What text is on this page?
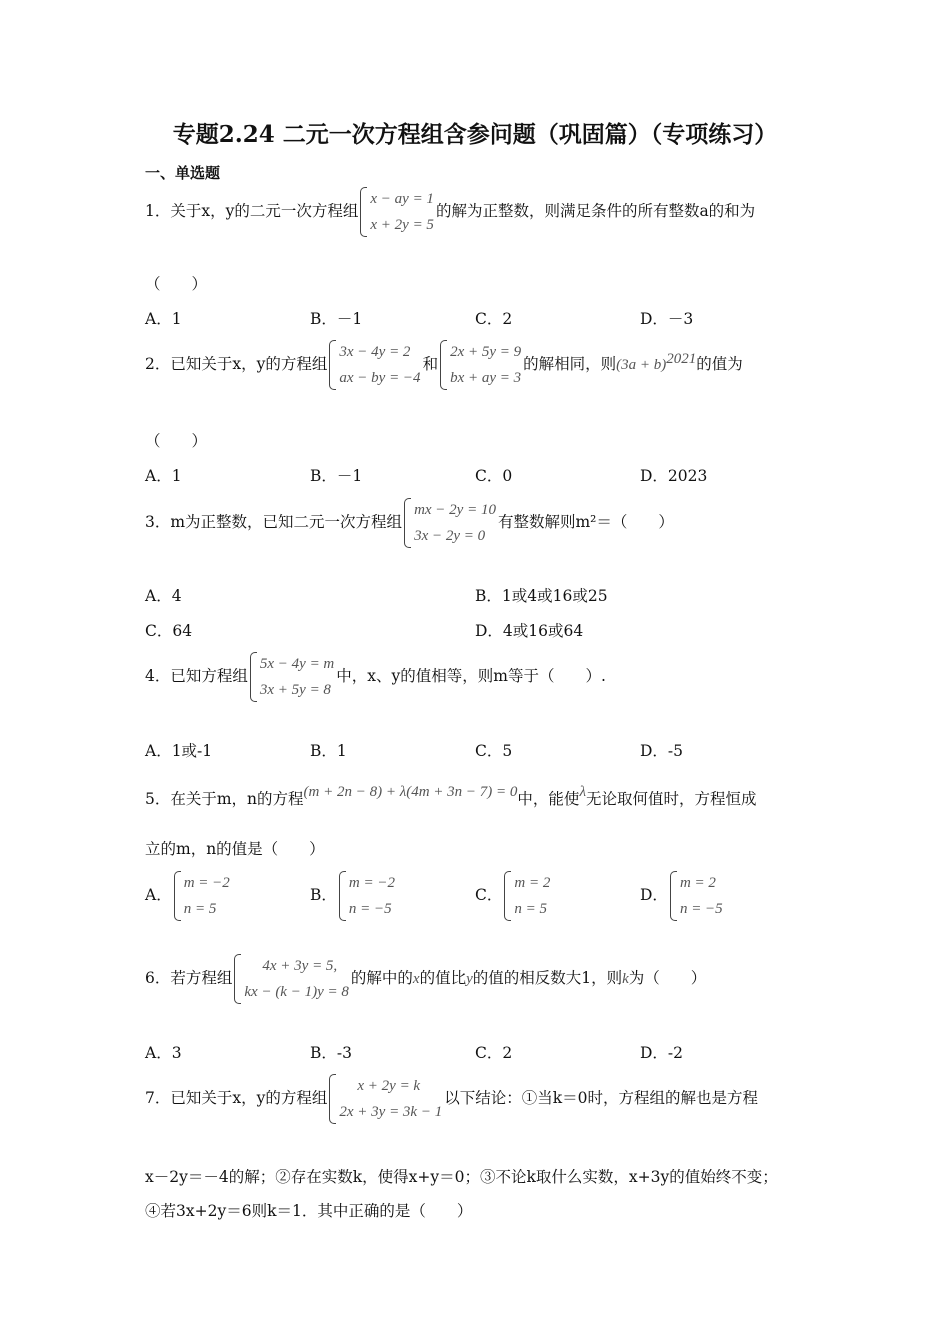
专题2.24 二元一次方程组含参问题（巩固篇）（专项练习）
一、单选题
1．关于x，y的二元一次方程组
x − ay = 1
x + 2y = 5
的解为正整数，则满足条件的所有整数a的和为
（　　）
A．1	B．－1	C．2	D．－3
2．已知关于x，y的方程组
3x − 4y = 2
ax − by = −4
和
2x + 5y = 9
bx + ay = 3
的解相同，则$(3a + b)^{2021}$的值为
（　　）
A．1	B．－1	C．0	D．2023
3．m为正整数，已知二元一次方程组
mx − 2y = 10
3x − 2y = 0
有整数解则m²＝（　　）
A．4	B．1或4或16或25
C．64	D．4或16或64
4．已知方程组
5x − 4y = m
3x + 5y = 8
中，x、y的值相等，则m等于（　　）.
A．1或-1	B．1	C．5	D．-5
5．在关于m，n的方程(m + 2n − 8) + λ(4m + 3n − 7) = 0中，能使λ无论取何值时，方程恒成
立的m，n的值是（　　）
A．
m = −2
n = 5
B．
m = −2
n = −5
C．
m = 2
n = 5
D．
m = 2
n = −5
6．若方程组
4x + 3y = 5,
kx − (k − 1)y = 8
的解中的x的值比y的值的相反数大1，则k为（　　）
A．3	B．-3	C．2	D．-2
7．已知关于x，y的方程组
x + 2y = k
2x + 3y = 3k − 1
以下结论：①当k＝0时，方程组的解也是方程
x－2y＝－4的解；②存在实数k，使得x+y＝0；③不论k取什么实数，x+3y的值始终不变；
④若3x+2y＝6则k＝1．其中正确的是（　　）
